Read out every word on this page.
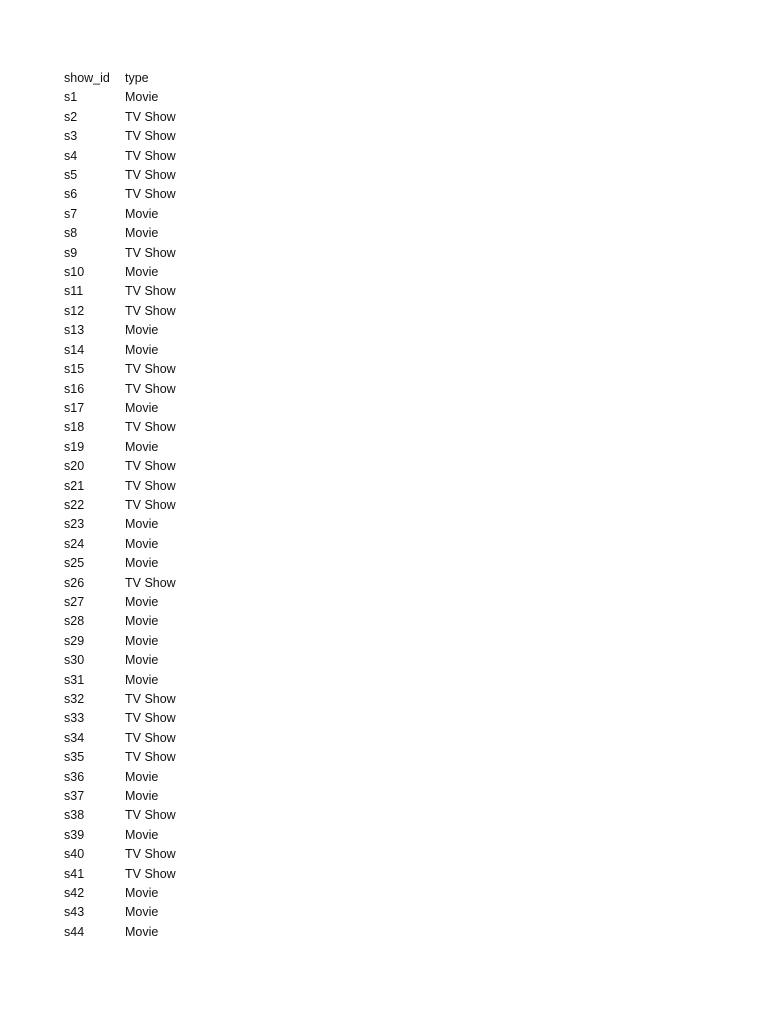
show_id	type
s1	Movie
s2	TV Show
s3	TV Show
s4	TV Show
s5	TV Show
s6	TV Show
s7	Movie
s8	Movie
s9	TV Show
s10	Movie
s11	TV Show
s12	TV Show
s13	Movie
s14	Movie
s15	TV Show
s16	TV Show
s17	Movie
s18	TV Show
s19	Movie
s20	TV Show
s21	TV Show
s22	TV Show
s23	Movie
s24	Movie
s25	Movie
s26	TV Show
s27	Movie
s28	Movie
s29	Movie
s30	Movie
s31	Movie
s32	TV Show
s33	TV Show
s34	TV Show
s35	TV Show
s36	Movie
s37	Movie
s38	TV Show
s39	Movie
s40	TV Show
s41	TV Show
s42	Movie
s43	Movie
s44	Movie
